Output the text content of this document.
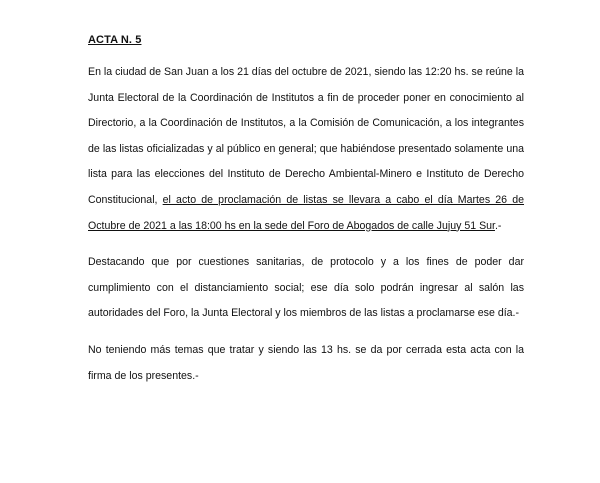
ACTA N. 5

En la ciudad de San Juan a los 21 días del octubre de 2021, siendo las 12:20 hs. se reúne la Junta Electoral de la Coordinación de Institutos a fin de proceder poner en conocimiento al Directorio, a la Coordinación de Institutos, a la Comisión de Comunicación, a los integrantes de las listas oficializadas y al público en general; que habiéndose presentado solamente una lista para las elecciones del Instituto de Derecho Ambiental-Minero e Instituto de Derecho Constitucional, el acto de proclamación de listas se llevara a cabo el día Martes 26 de Octubre de 2021 a las 18:00 hs en la sede del Foro de Abogados de calle Jujuy 51 Sur.-

Destacando que por cuestiones sanitarias, de protocolo y a los fines de poder dar cumplimiento con el distanciamiento social; ese día solo podrán ingresar al salón las autoridades del Foro, la Junta Electoral y los miembros de las listas a proclamarse ese día.-

No teniendo más temas que tratar y siendo las 13 hs. se da por cerrada esta acta con la firma de los presentes.-
